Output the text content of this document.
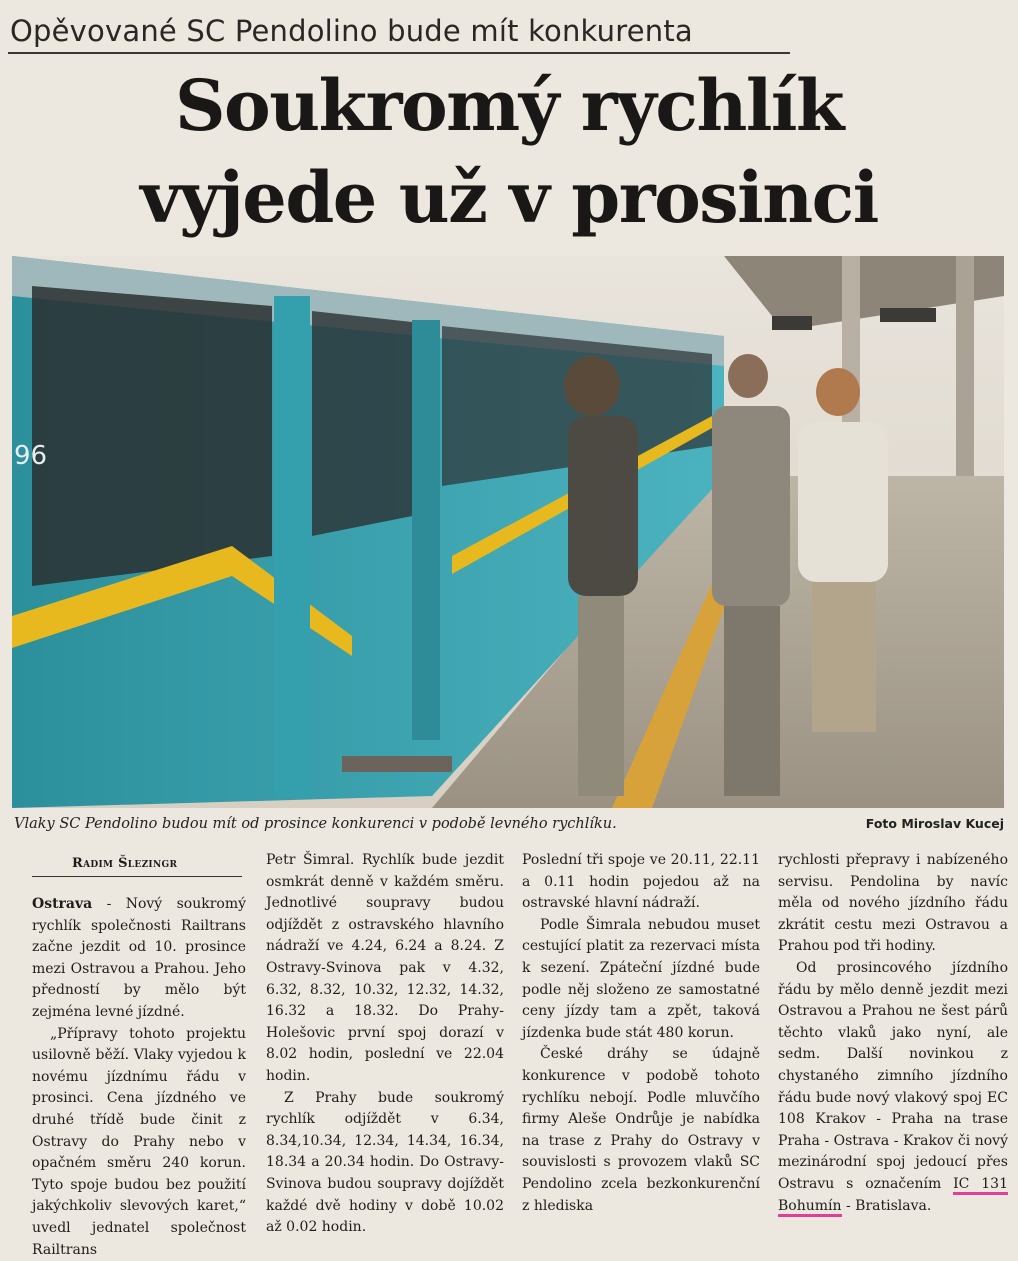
Opěvované SC Pendolino bude mít konkurenta
Soukromý rychlík
vyjede už v prosinci
96
Vlaky SC Pendolino budou mít od prosince konkurenci v podobě levného rychlíku.	Foto Miroslav Kucej
Radim Šlezingr

Ostrava - Nový soukromý rychlík společnosti Railtrans začne jezdit od 10. prosince mezi Ostravou a Prahou. Jeho předností by mělo být zejména levné jízdné.

„Přípravy tohoto projektu usilovně běží. Vlaky vyjedou k novému jízdnímu řádu v prosinci. Cena jízdného ve druhé třídě bude činit z Ostravy do Prahy nebo v opačném směru 240 korun. Tyto spoje budou bez použití jakýchkoliv slevových karet,“ uvedl jednatel společnost Railtrans

Petr Šimral. Rychlík bude jezdit osmkrát denně v každém směru. Jednotlivé soupravy budou odjíždět z ostravského hlavního nádraží ve 4.24, 6.24 a 8.24. Z Ostravy-Svinova pak v 4.32, 6.32, 8.32, 10.32, 12.32, 14.32, 16.32 a 18.32. Do Prahy-Holešovic první spoj dorazí v 8.02 hodin, poslední ve 22.04 hodin.

Z Prahy bude soukromý rychlík odjíždět v 6.34, 8.34,10.34, 12.34, 14.34, 16.34, 18.34 a 20.34 hodin. Do Ostravy-Svinova budou soupravy dojíždět každé dvě hodiny v době 10.02 až 0.02 hodin.

Poslední tři spoje ve 20.11, 22.11 a 0.11 hodin pojedou až na ostravské hlavní nádraží.

Podle Šimrala nebudou muset cestující platit za rezervaci místa k sezení. Zpáteční jízdné bude podle něj složeno ze samostatné ceny jízdy tam a zpět, taková jízdenka bude stát 480 korun.

České dráhy se údajně konkurence v podobě tohoto rychlíku nebojí. Podle mluvčího firmy Aleše Ondrůje je nabídka na trase z Prahy do Ostravy v souvislosti s provozem vlaků SC Pendolino zcela bezkonkurenční z hlediska

rychlosti přepravy i nabízeného servisu. Pendolina by navíc měla od nového jízdního řádu zkrátit cestu mezi Ostravou a Prahou pod tři hodiny.

Od prosincového jízdního řádu by mělo denně jezdit mezi Ostravou a Prahou ne šest párů těchto vlaků jako nyní, ale sedm. Další novinkou z chystaného zimního jízdního řádu bude nový vlakový spoj EC 108 Krakov - Praha na trase Praha - Ostrava - Krakov či nový mezinárodní spoj jedoucí přes Ostravu s označením IC 131 Bohumín - Bratislava.
